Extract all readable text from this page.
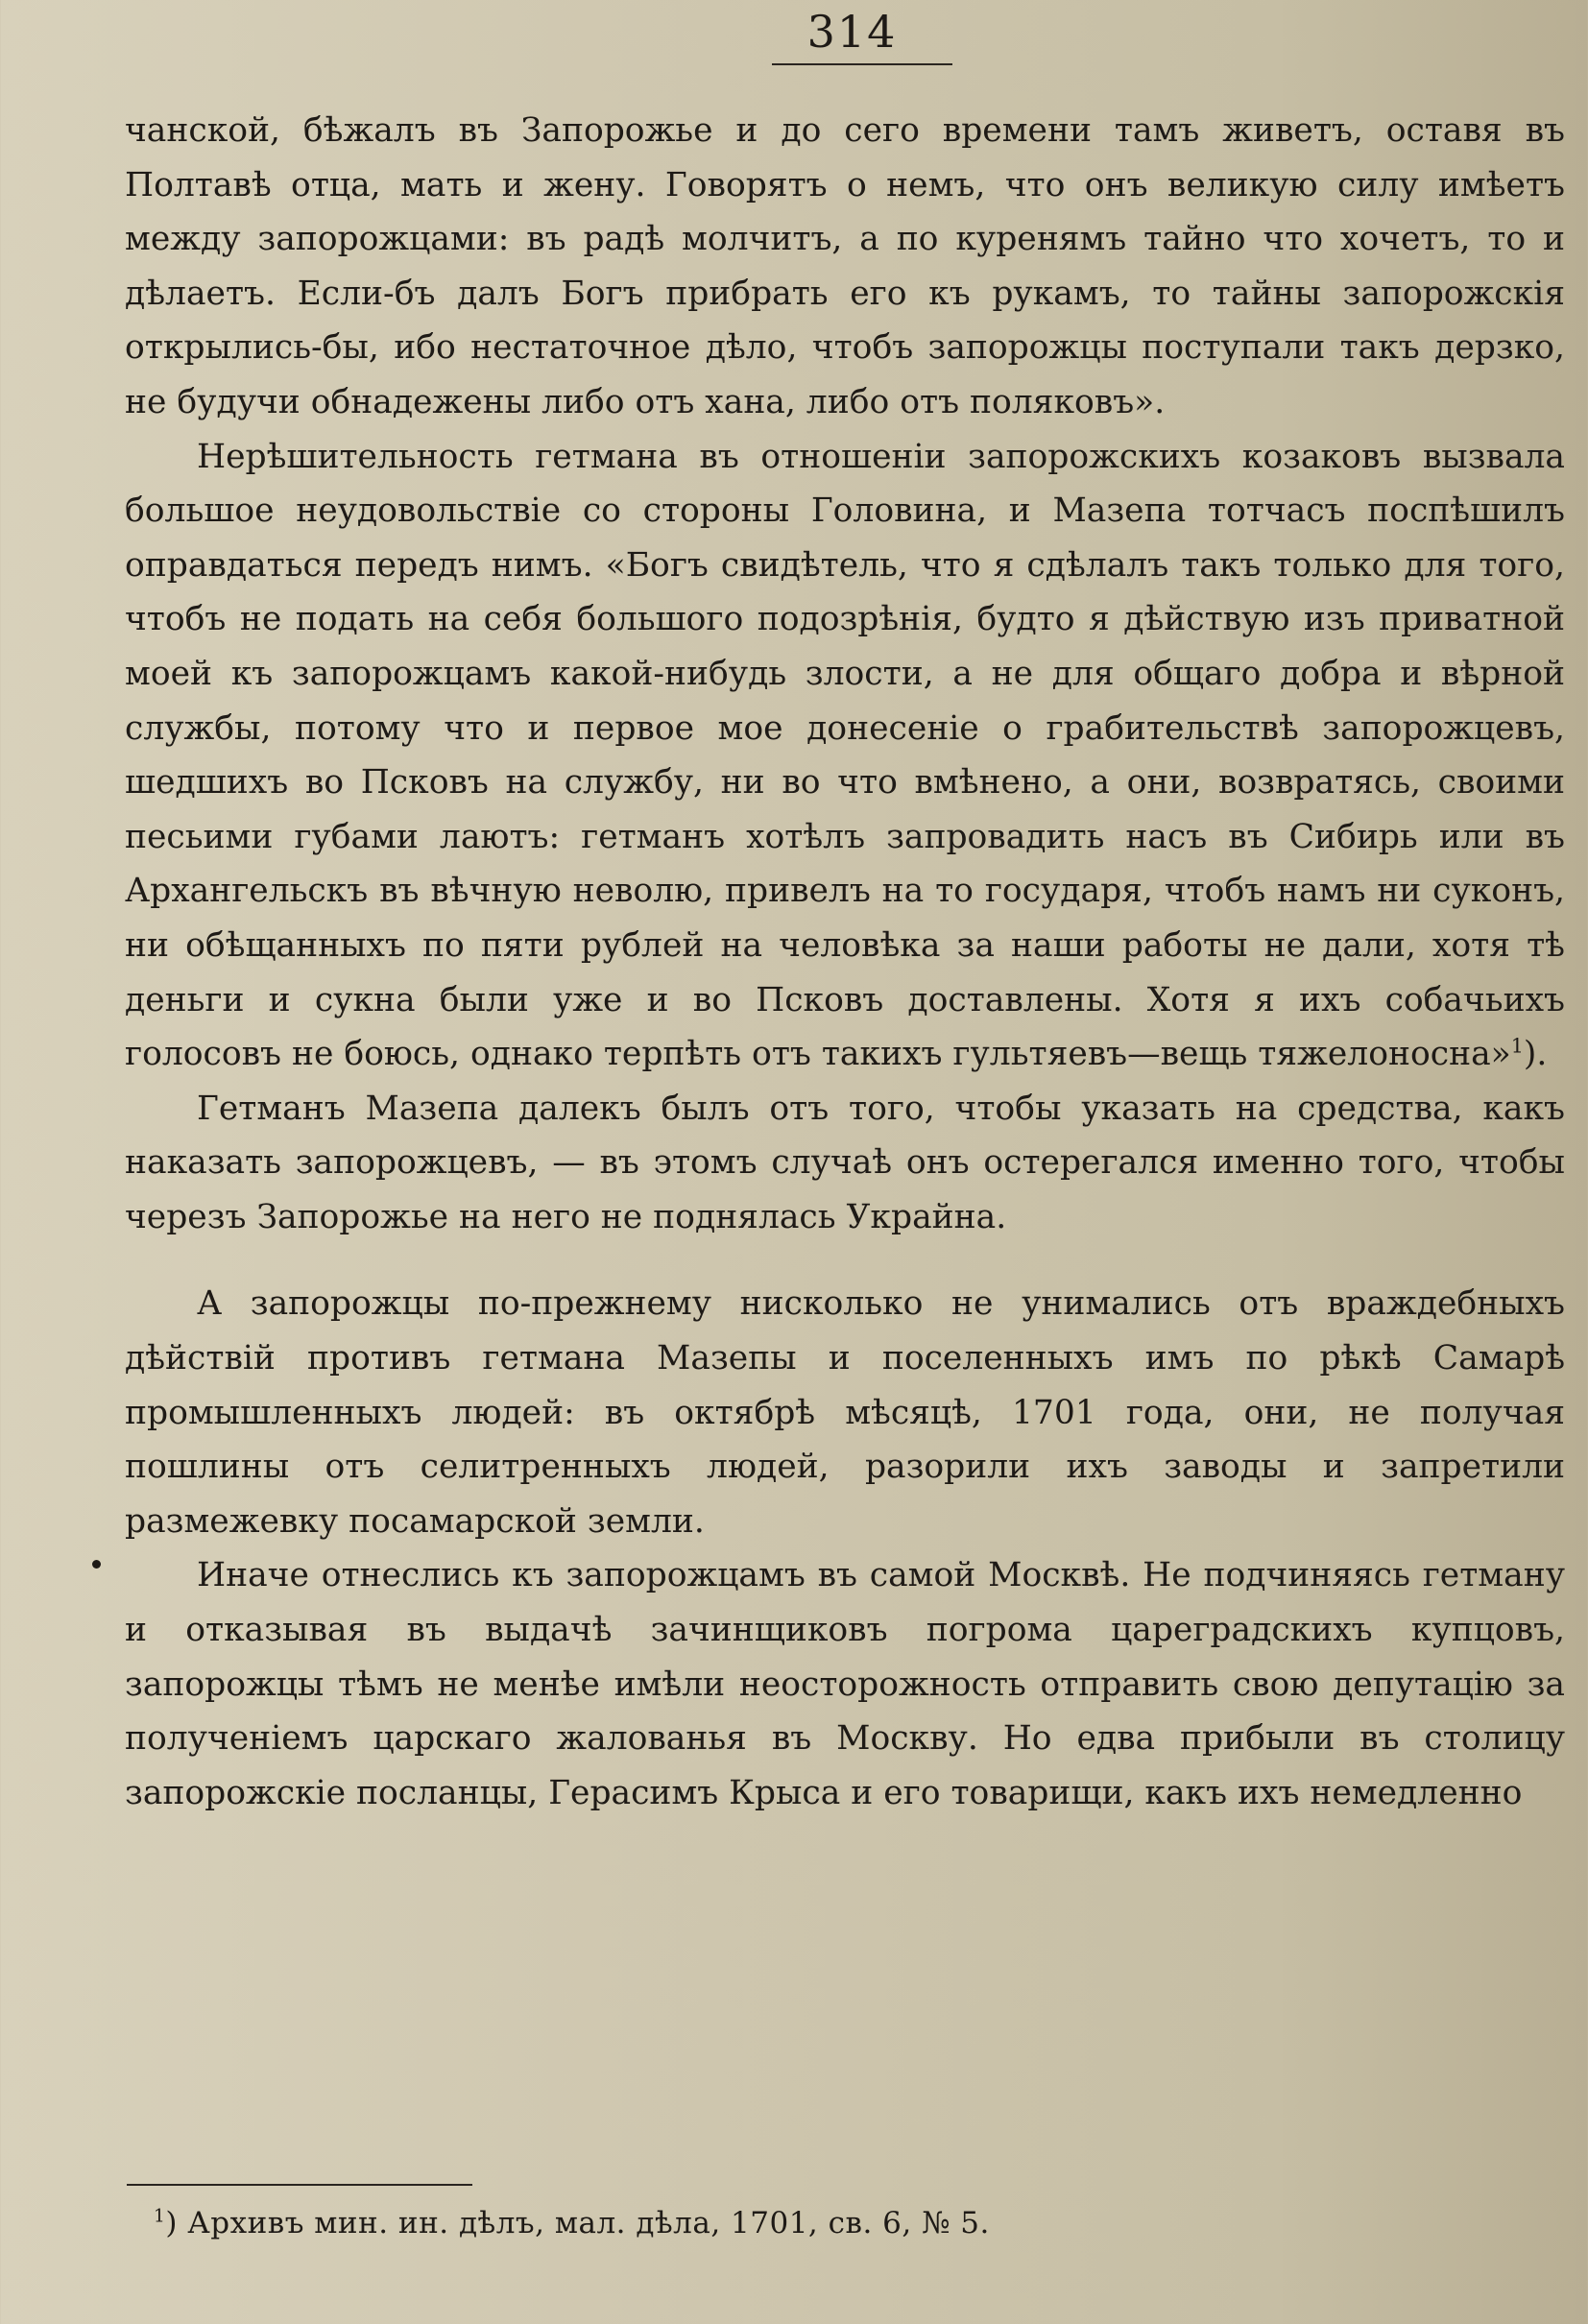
314

чанской, бѣжалъ въ Запорожье и до сего времени тамъ живетъ, оставя въ Полтавѣ отца, мать и жену. Говорятъ о немъ, что онъ великую силу имѣетъ между запорожцами: въ радѣ молчитъ, а по куренямъ тайно что хочетъ, то и дѣлаетъ. Если-бъ далъ Богъ прибрать его къ рукамъ, то тайны запорожскія открылись-бы, ибо нестаточное дѣло, чтобъ запорожцы поступали такъ дерзко, не будучи обнадежены либо отъ хана, либо отъ поляковъ».

Нерѣшительность гетмана въ отношеніи запорожскихъ козаковъ вызвала большое неудовольствіе со стороны Головина, и Мазепа тотчасъ поспѣшилъ оправдаться передъ нимъ. «Богъ свидѣтель, что я сдѣлалъ такъ только для того, чтобъ не подать на себя большого подозрѣнія, будто я дѣйствую изъ приватной моей къ запорожцамъ какой-нибудь злости, а не для общаго добра и вѣрной службы, потому что и первое мое донесеніе о грабительствѣ запорожцевъ, шедшихъ во Псковъ на службу, ни во что вмѣнено, а они, возвратясь, своими песьими губами лаютъ: гетманъ хотѣлъ запровадить насъ въ Сибирь или въ Архангельскъ въ вѣчную неволю, привелъ на то государя, чтобъ намъ ни суконъ, ни обѣщанныхъ по пяти рублей на человѣка за наши работы не дали, хотя тѣ деньги и сукна были уже и во Псковъ доставлены. Хотя я ихъ собачьихъ голосовъ не боюсь, однако терпѣть отъ такихъ гультяевъ—вещь тяжелоносна»$^1$).

Гетманъ Мазепа далекъ былъ отъ того, чтобы указать на средства, какъ наказать запорожцевъ, — въ этомъ случаѣ онъ остерегался именно того, чтобы черезъ Запорожье на него не поднялась Украйна.

А запорожцы по-прежнему нисколько не унимались отъ враждебныхъ дѣйствій противъ гетмана Мазепы и поселенныхъ имъ по рѣкѣ Самарѣ промышленныхъ людей: въ октябрѣ мѣсяцѣ, 1701 года, они, не получая пошлины отъ селитренныхъ людей, разорили ихъ заводы и запретили размежевку посамарской земли.

Иначе отнеслись къ запорожцамъ въ самой Москвѣ. Не подчиняясь гетману и отказывая въ выдачѣ зачинщиковъ погрома цареградскихъ купцовъ, запорожцы тѣмъ не менѣе имѣли неосторожность отправить свою депутацію за полученіемъ царскаго жалованья въ Москву. Но едва прибыли въ столицу запорожскіе посланцы, Герасимъ Крыса и его товарищи, какъ ихъ немедленно

$^1$) Архивъ мин. ин. дѣлъ, мал. дѣла, 1701, св. 6, № 5.
